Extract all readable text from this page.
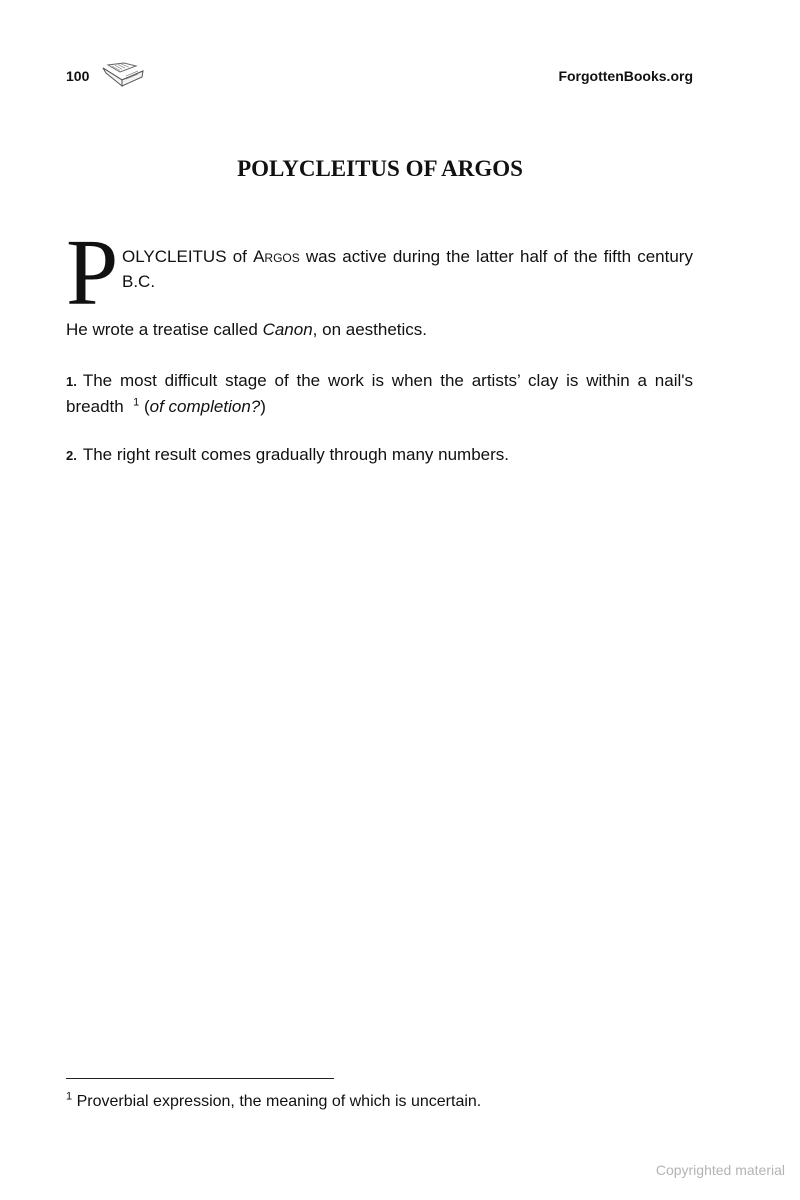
100	ForgottenBooks.org
POLYCLEITUS OF ARGOS
P OLYCLEITUS of Argos was active during the latter half of the fifth century B.C.

He wrote a treatise called Canon, on aesthetics.

1. The most difficult stage of the work is when the artists’ clay is within a nail's breadth $^1$ (of completion?)

2. The right result comes gradually through many numbers.

$^1$ Proverbial expression, the meaning of which is uncertain.
Copyrighted material
